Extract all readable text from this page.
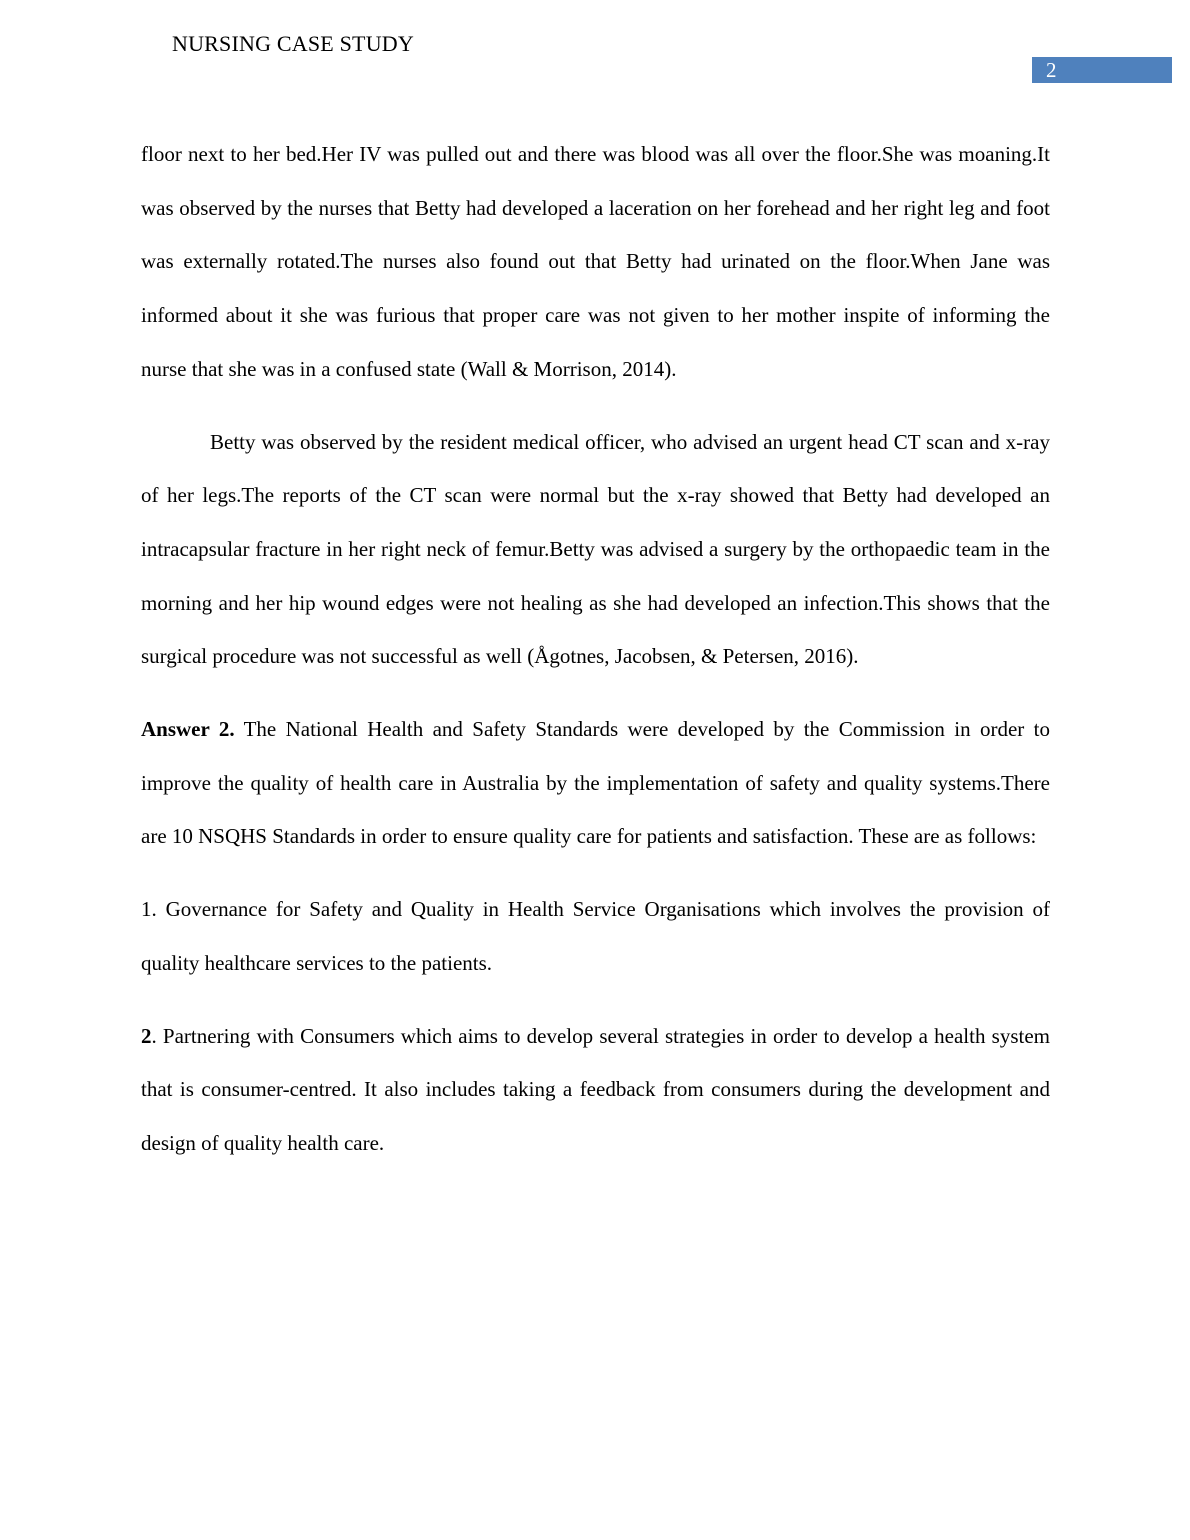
NURSING CASE STUDY
2

floor next to her bed.Her IV was pulled out and there was blood was all over the floor.She was moaning.It was observed by the nurses that Betty had developed a laceration on her forehead and her right leg and foot was externally rotated.The nurses also found out that Betty had urinated on the floor.When Jane was informed about it she was furious that proper care was not given to her mother inspite of informing the nurse that she was in a confused state (Wall & Morrison, 2014).

Betty was observed by the resident medical officer, who advised an urgent head CT scan and x-ray of her legs.The reports of the CT scan were normal but the x-ray showed that Betty had developed an intracapsular fracture in her right neck of femur.Betty was advised a surgery by the orthopaedic team in the morning and her hip wound edges were not healing as she had developed an infection.This shows that the surgical procedure was not successful as well (Ågotnes, Jacobsen, & Petersen, 2016).

Answer 2. The National Health and Safety Standards were developed by the Commission in order to improve the quality of health care in Australia by the implementation of safety and quality systems.There are 10 NSQHS Standards in order to ensure quality care for patients and satisfaction. These are as follows:

1. Governance for Safety and Quality in Health Service Organisations which involves the provision of quality healthcare services to the patients.

2. Partnering with Consumers which aims to develop several strategies in order to develop a health system that is consumer-centred. It also includes taking a feedback from consumers during the development and design of quality health care.
